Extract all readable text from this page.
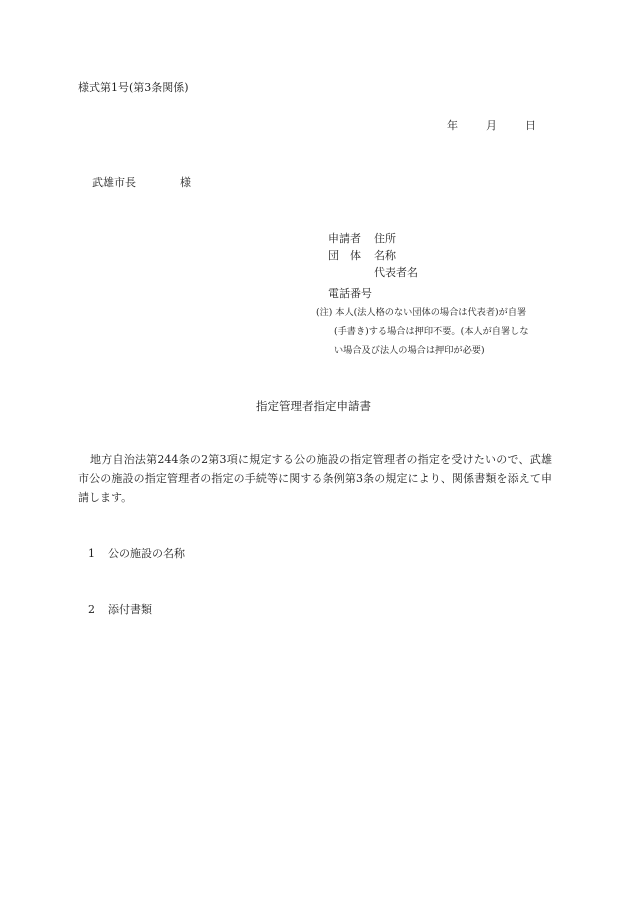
様式第1号(第3条関係)
年	月	日
武雄市長	様
申請者	住所
団　体	名称
代表者名
電話番号
(注) 本人(法人格のない団体の場合は代表者)が自署
(手書き)する場合は押印不要。(本人が自署しな
い場合及び法人の場合は押印が必要)
指定管理者指定申請書
地方自治法第244条の2第3項に規定する公の施設の指定管理者の指定を受けたいので、武雄市公の施設の指定管理者の指定の手続等に関する条例第3条の規定により、関係書類を添えて申請します。
1 公の施設の名称
2 添付書類
